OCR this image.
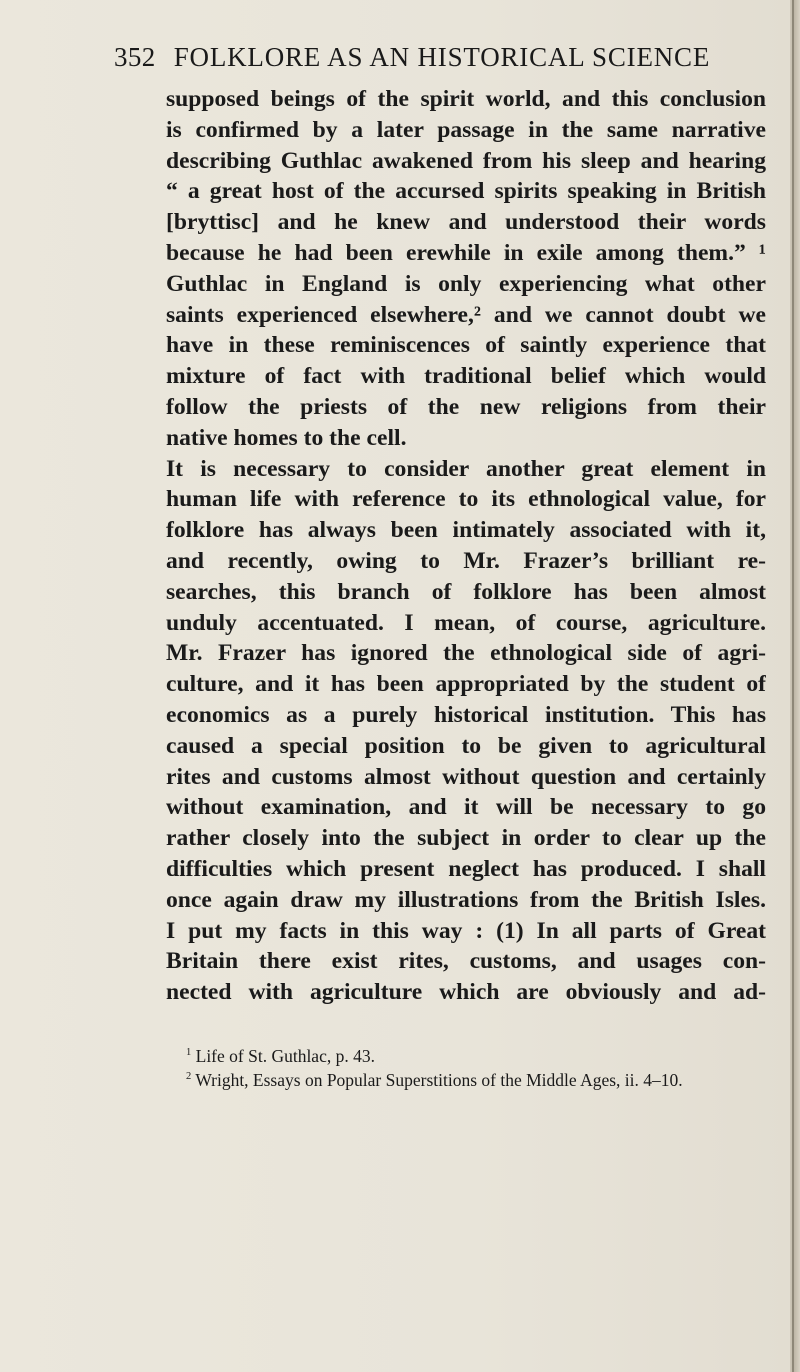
352 FOLKLORE AS AN HISTORICAL SCIENCE
supposed beings of the spirit world, and this conclusion
is confirmed by a later passage in the same narrative
describing Guthlac awakened from his sleep and hearing
“ a great host of the accursed spirits speaking in British
[bryttisc] and he knew and understood their words
because he had been erewhile in exile among them.” ¹
Guthlac in England is only experiencing what other
saints experienced elsewhere,² and we cannot doubt we
have in these reminiscences of saintly experience that
mixture of fact with traditional belief which would
follow the priests of the new religions from their
native homes to the cell.
It is necessary to consider another great element in
human life with reference to its ethnological value, for
folklore has always been intimately associated with it,
and recently, owing to Mr. Frazer’s brilliant re-
searches, this branch of folklore has been almost
unduly accentuated. I mean, of course, agriculture.
Mr. Frazer has ignored the ethnological side of agri-
culture, and it has been appropriated by the student of
economics as a purely historical institution. This has
caused a special position to be given to agricultural
rites and customs almost without question and certainly
without examination, and it will be necessary to go
rather closely into the subject in order to clear up the
difficulties which present neglect has produced. I shall
once again draw my illustrations from the British Isles.
I put my facts in this way : (1) In all parts of Great
Britain there exist rites, customs, and usages con-
nected with agriculture which are obviously and ad-
$^1$ Life of St. Guthlac, p. 43.
$^2$ Wright, Essays on Popular Superstitions of the Middle Ages, ii. 4–10.
